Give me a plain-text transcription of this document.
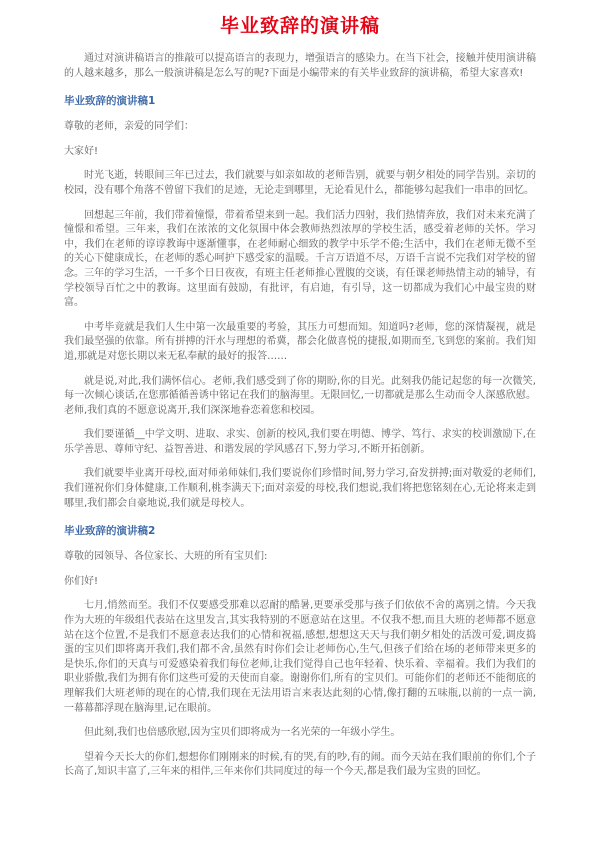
毕业致辞的演讲稿

通过对演讲稿语言的推敲可以提高语言的表现力，增强语言的感染力。在当下社会，接触并使用演讲稿的人越来越多，那么一般演讲稿是怎么写的呢?下面是小编带来的有关毕业致辞的演讲稿，希望大家喜欢!

毕业致辞的演讲稿1

尊敬的老师，亲爱的同学们：

大家好!

时光飞逝，转眼间三年已过去，我们就要与如亲如故的老师告别，就要与朝夕相处的同学告别。亲切的校园，没有哪个角落不曾留下我们的足迹，无论走到哪里，无论看见什么，都能够勾起我们一串串的回忆。

回想起三年前，我们带着憧憬，带着希望来到一起。我们活力四射，我们热情奔放，我们对未来充满了憧憬和希望。三年来，我们在浓浓的文化氛围中体会教师热烈浓厚的学校生活，感受着老师的关怀。学习中，我们在老师的谆谆教诲中逐渐懂事，在老师耐心细致的教学中乐学不倦;生活中，我们在老师无微不至的关心下健康成长，在老师的悉心呵护下感受家的温暖。千言万语道不尽，万语千言说不完我们对学校的留念。三年的学习生活，一千多个日日夜夜，有班主任老师推心置腹的交谈，有任课老师热情主动的辅导，有学校领导百忙之中的教诲。这里面有鼓励，有批评，有启迪，有引导，这一切都成为我们心中最宝贵的财富。

中考毕竟就是我们人生中第一次最重要的考验，其压力可想而知。知道吗?老师，您的深情凝视，就是我们最坚强的依靠。所有拼搏的汗水与理想的希冀，都会化做喜悦的捷报,如期而至,飞到您的案前。我们知道,那就是对您长期以来无私奉献的最好的报答……

就是说,对此,我们满怀信心。老师,我们感受到了你的期盼,你的目光。此刻我仍能记起您的每一次微笑,每一次倾心谈话,在您那循循善诱中铭记在我们的脑海里。无限回忆,一切都就是那么生动而令人深感欣慰。老师,我们真的不愿意说离开,我们深深地眷恋着您和校园。

我们要谨循__中学文明、进取、求实、创新的校风,我们要在明德、博学、笃行、求实的校训激励下,在乐学善思、尊师守纪、益智善进、和谐发展的学风感召下,努力学习,不断开拓创新。

我们就要毕业离开母校,面对师弟师妹们,我们要说你们珍惜时间,努力学习,奋发拼搏;面对敬爱的老师们,我们谨祝你们身体健康,工作顺利,桃李满天下;面对亲爱的母校,我们想说,我们将把您铭刻在心,无论将来走到哪里,我们都会自豪地说,我们就是母校人。

毕业致辞的演讲稿2

尊敬的园领导、各位家长、大班的所有宝贝们:

你们好!

七月,悄然而至。我们不仅要感受那难以忍耐的酷暑,更要承受那与孩子们依依不舍的离别之情。今天我作为大班的年级组代表站在这里发言,其实我特别的不愿意站在这里。不仅我不想,而且大班的老师都不愿意站在这个位置,不是我们不愿意表达我们的心情和祝福,感想,想想这天天与我们朝夕相处的活泼可爱,调皮捣蛋的宝贝们即将离开我们,我们都不舍,虽然有时你们会让老师伤心,生气,但孩子们给在场的老师带来更多的是快乐,你们的天真与可爱感染着我们每位老师,让我们觉得自己也年轻着、快乐着、幸福着。我们为我们的职业骄傲,我们为拥有你们这些可爱的天使而自豪。谢谢你们,所有的宝贝们。可能你们的老师还不能彻底的理解我们大班老师的现在的心情,我们现在无法用语言来表达此刻的心情,像打翻的五味瓶,以前的一点一滴,一幕幕都浮现在脑海里,记在眼前。

但此刻,我们也倍感欣慰,因为宝贝们即将成为一名光荣的一年级小学生。

望着今天长大的你们,想想你们刚刚来的时候,有的哭,有的吵,有的闹。而今天站在我们眼前的你们,个子长高了,知识丰富了,三年来的相伴,三年来你们共同度过的每一个今天,都是我们最为宝贵的回忆。
